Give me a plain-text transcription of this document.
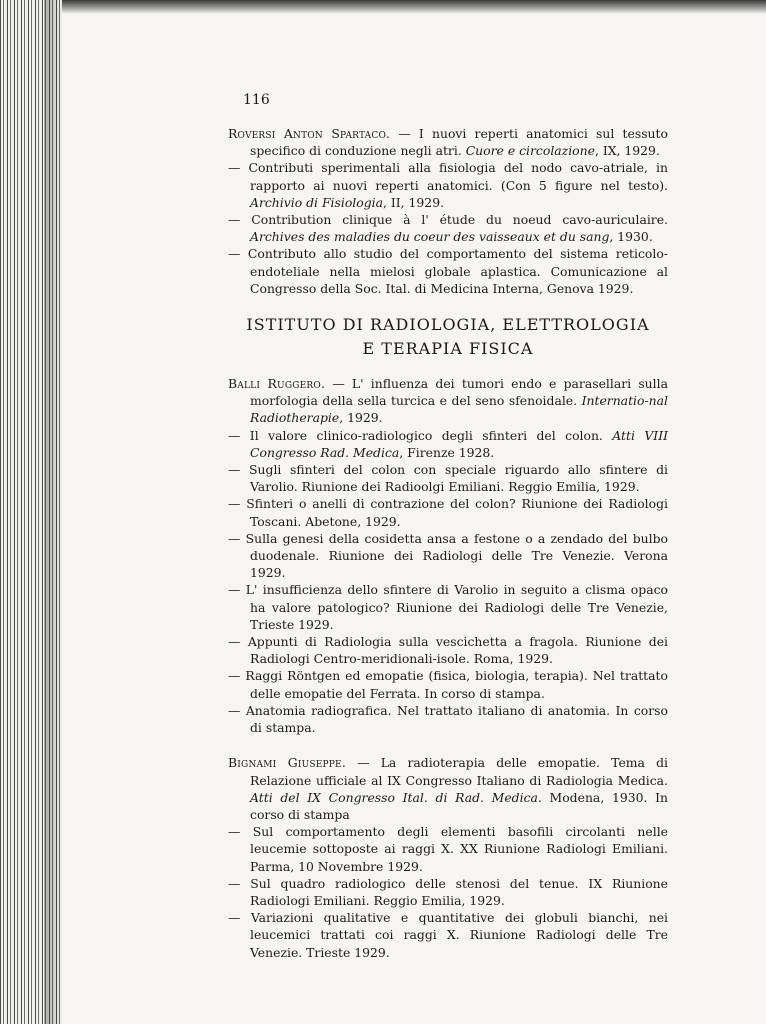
116

Roversi Anton Spartaco. — I nuovi reperti anatomici sul tessuto specifico di conduzione negli atri. Cuore e circolazione, IX, 1929.

— Contributi sperimentali alla fisiologia del nodo cavo-atriale, in rapporto ai nuovi reperti anatomici. (Con 5 figure nel testo). Archivio di Fisiologia, II, 1929.

— Contribution clinique à l' étude du noeud cavo-auriculaire. Archives des maladies du coeur des vaisseaux et du sang, 1930.

— Contributo allo studio del comportamento del sistema reticolo-endoteliale nella mielosi globale aplastica. Comunicazione al Congresso della Soc. Ital. di Medicina Interna, Genova 1929.

ISTITUTO DI RADIOLOGIA, ELETTROLOGIA
E TERAPIA FISICA

Balli Ruggero. — L' influenza dei tumori endo e parasellari sulla morfologia della sella turcica e del seno sfenoidale. Internatio-nal Radiotherapie, 1929.

— Il valore clinico-radiologico degli sfinteri del colon. Atti VIII Congresso Rad. Medica, Firenze 1928.

— Sugli sfinteri del colon con speciale riguardo allo sfintere di Varolio. Riunione dei Radioolgi Emiliani. Reggio Emilia, 1929.

— Sfinteri o anelli di contrazione del colon? Riunione dei Radiologi Toscani. Abetone, 1929.

— Sulla genesi della cosidetta ansa a festone o a zendado del bulbo duodenale. Riunione dei Radiologi delle Tre Venezie. Verona 1929.

— L' insufficienza dello sfintere di Varolio in seguito a clisma opaco ha valore patologico? Riunione dei Radiologi delle Tre Venezie, Trieste 1929.

— Appunti di Radiologia sulla vescichetta a fragola. Riunione dei Radiologi Centro-meridionali-isole. Roma, 1929.

— Raggi Röntgen ed emopatie (fisica, biologia, terapia). Nel trattato delle emopatie del Ferrata. In corso di stampa.

— Anatomia radiografica. Nel trattato italiano di anatomia. In corso di stampa.

Bignami Giuseppe. — La radioterapia delle emopatie. Tema di Relazione ufficiale al IX Congresso Italiano di Radiologia Medica. Atti del IX Congresso Ital. di Rad. Medica. Modena, 1930. In corso di stampa

— Sul comportamento degli elementi basofili circolanti nelle leucemie sottoposte ai raggi X. XX Riunione Radiologi Emiliani. Parma, 10 Novembre 1929.

— Sul quadro radiologico delle stenosi del tenue. IX Riunione Radiologi Emiliani. Reggio Emilia, 1929.

— Variazioni qualitative e quantitative dei globuli bianchi, nei leucemici trattati coi raggi X. Riunione Radiologi delle Tre Venezie. Trieste 1929.
